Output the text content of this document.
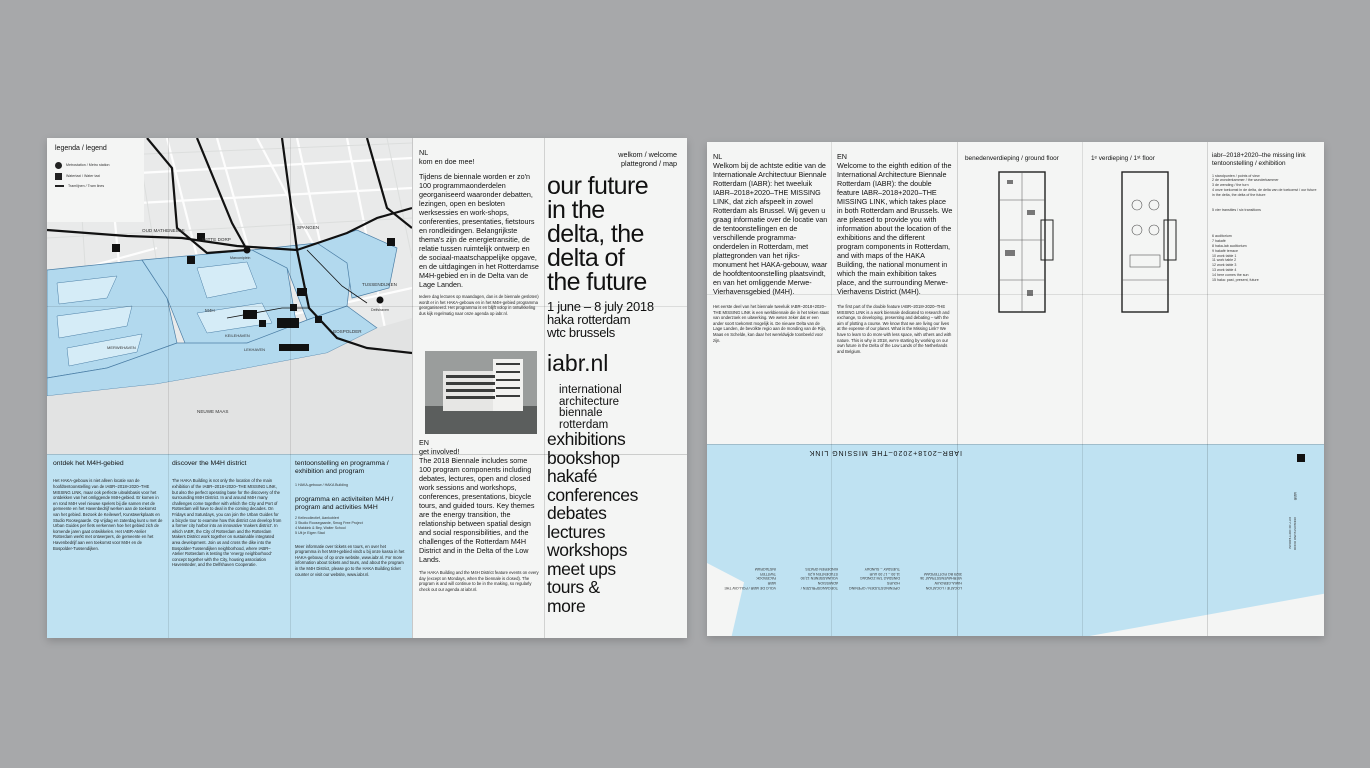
OUD MATHENESSE
WITTE DORP
SPANGEN
TUSSENDIJKEN
M4H
BOSPOLDER
KEILEHAVEN
LEKHAVEN
MERWEHAVEN
NEUWE MAAS
Marconiplein
Delfshaven
legenda / legend
Metrostation / Metro station
Watertaxi / Water taxi
Tramlijnen / Tram lines
NL
kom en doe mee!
Tijdens de biennale worden er zo'n 100 programmaonderdelen georganiseerd waaronder debatten, lezingen, open en besloten werksessies en work-shops, conferenties, presentaties, fietstours en rondleidingen. Belangrijkste thema's zijn de energietransitie, de relatie tussen ruimtelijk ontwerp en de sociaal-maatschappelijke opgave, en de uitdagingen in het Rotterdamse M4H-gebied en in de Delta van de Lage Landen.
Iedere dag lectures op maandagen, dan is de biennale gesloten) wordt er in het HAKA-gebouw en in het M4H-gebied programma georganiseerd. Het programma is en blijft volop in ontwikkeling dus kijk regelmatig naar onze agenda op iabr.nl.
welkom / welcome
plattegrond / map
our future
in the
delta, the
delta of
the future
1 june – 8 july 2018
haka rotterdam
wtc brussels
iabr.nl
international
architecture
biennale
rotterdam
EN
get involved!
ontdek het M4H-gebied
Het HAKA-gebouw is niet alleen locatie van de hoofdtentoonstelling van de IABR–2018+2020–THE MISSING LINK, maar ook perfecte uitvalsbasis voor het ontdekken van het omliggende M4H-gebied. Er komen in en rond M4H veel nieuwe spelers bij die samen met de gemeente en het Havenbedrijf werken aan de toekomst van het gebied. Bezoek de Keilewerf, Kunstwerkplaats en Studio Roosegaarde. Op vrijdag en zaterdag kunt u met de Urban Guides per fiets verkennen hoe het gebied zich de komende jaren gaat ontwikkelen. Het IABR-Atelier Rotterdam werkt met ontwerpers, de gemeente en het Havenbedrijf aan een toekomst voor M4H en de Bospolder-Tussendijken.
discover the M4H district
The HAKA Building is not only the location of the main exhibition of the IABR–2018+2020–THE MISSING LINK, but also the perfect operating base for the discovery of the surrounding M4H District. In and around M4H many challenges come together with which the City and Port of Rotterdam will have to deal in the coming decades. On Fridays and Saturdays, you can join the Urban Guides for a bicycle tour to examine how this district can develop from a former city harbor into an innovative 'makers district'. In which IABR, the City of Rotterdam and the Rotterdam Makers District work together on sustainable integrated area development. Join us and cross the dike into the Bospolder-Tussendijken neighborhood, where IABR–Atelier Rotterdam is testing the 'energy neighborhood' concept together with the City, housing association Havensteder, and the Delfshaven Cooperatie.
tentoonstelling en programma / exhibition and program
1 HAKA-gebouw / HAKA Building
programma en activiteiten M4H / program and activities M4H
2 Keilecollectief, Aankoblert
3 Studio Roosegaarde, Smog Free Project
4 Makkink & Bey, Walter School
5 Uit je Eigen Stad
Meer informatie over tickets en tours, en over het programma in het M4H-gebied vindt u bij onze kassa in het HAKA-gebouw, of op onze website, www.iabr.nl. For more information about tickets and tours, and about the program in the M4H District, please go to the HAKA Building ticket counter or visit our website, www.iabr.nl.
The 2018 Biennale includes some 100 program components including debates, lectures, open and closed work sessions and workshops, conferences, presentations, bicycle tours, and guided tours. Key themes are the energy transition, the relationship between spatial design and social responsibilities, and the challenges of the Rotterdam M4H District and in the Delta of the Low Lands.
The HAKA Building and the M4H District feature events on every day (except on Mondays, when the biennale is closed). The program is and will continue to be in the making, so regularly check out our agenda at iabr.nl.
exhibitions
bookshop
hakafé
conferences
debates
lectures
workshops
meet ups
tours &
more
NL
Welkom bij de achtste editie van de Internationale Architectuur Biennale Rotterdam (IABR): het tweeluik IABR–2018+2020–THE MISSING LINK, dat zich afspeelt in zowel Rotterdam als Brussel. Wij geven u graag informatie over de locatie van de tentoonstellingen en de verschillende programma-onderdelen in Rotterdam, met plattegronden van het rijks-monument het HAKA-gebouw, waar de hoofdtentoonstelling plaatsvindt, en van het omliggende Merwe-Vierhavensgebied (M4H).
Het eerste deel van het biennale tweeluik IABR–2018+2020–THE MISSING LINK is een werkbiennale die in het teken staat van onderzoek en uitwerking. We weten zeker dat er een ander soort toekomst mogelijk is. De nieuwe Delta van de Lage Landen, de bevolkte regio aan de monding van de Rijn, Maas en Schelde, kan daar het wereldwijde toonbeeld voor zijn.
EN
Welcome to the eighth edition of the International Architecture Biennale Rotterdam (IABR): the double feature IABR–2018+2020–THE MISSING LINK, which takes place in both Rotterdam and Brussels. We are pleased to provide you with information about the location of the exhibitions and the different program components in Rotterdam, and with maps of the HAKA Building, the national monument in which the main exhibition takes place, and the surrounding Merwe-Vierhavens District (M4H).
The first part of the double feature IABR–2018+2020–THE MISSING LINK is a work biennale dedicated to research and exchange, to developing, presenting and debating – with the aim of plotting a course. We know that we are living our lives at the expense of our planet. What is the Missing Link? We have to learn to do more with less space, with others and with nature. This is why in 2018, we're starting by working on our own future in the Delta of the Low Lands of the Netherlands and Belgium.
benedenverdieping / ground floor	1ᵉ verdieping / 1ˢᵗ floor	iabr–2018+2020–the missing link
tentoonstelling / exhibition
1 standpunten / points of view
2 de wonderkammer / the wunderkammer
3 de wending / the turn
4 onze toekomst in de delta, de delta van de toekomst / our future in the delta, the delta of the future
5 vier transities / six transitions
6 auditorium
7 hakafé
8 haka-lab auditorium
9 hakafé terrace
10 work table 1
11 work table 2
12 work table 3
13 work table 4
14 here comes the sun
15 haka: past, present, future
LOCATIE / LOCATION
HAKA-GEBOUW
VIERHAVENSSTRAAT 36
3029 BG ROTTERDAM
OPENINGSTIJDEN / OPENING HOURS
DINSDAG T/M ZONDAG
11.00 – 17.00 UUR
TUESDAY – SUNDAY
TOEGANGSPRIJZEN / ADMISSION
VOLWASSENEN 12,50
STUDENTEN 6,25
KINDEREN GRATIS
VOLG DE IABR / FOLLOW THE IABR
FACEBOOK
TWITTER
INSTAGRAM
IABR–2018+2020–THE MISSING LINK
IABR
ONDERSTEUND
CITY OF ROTTERDAM
